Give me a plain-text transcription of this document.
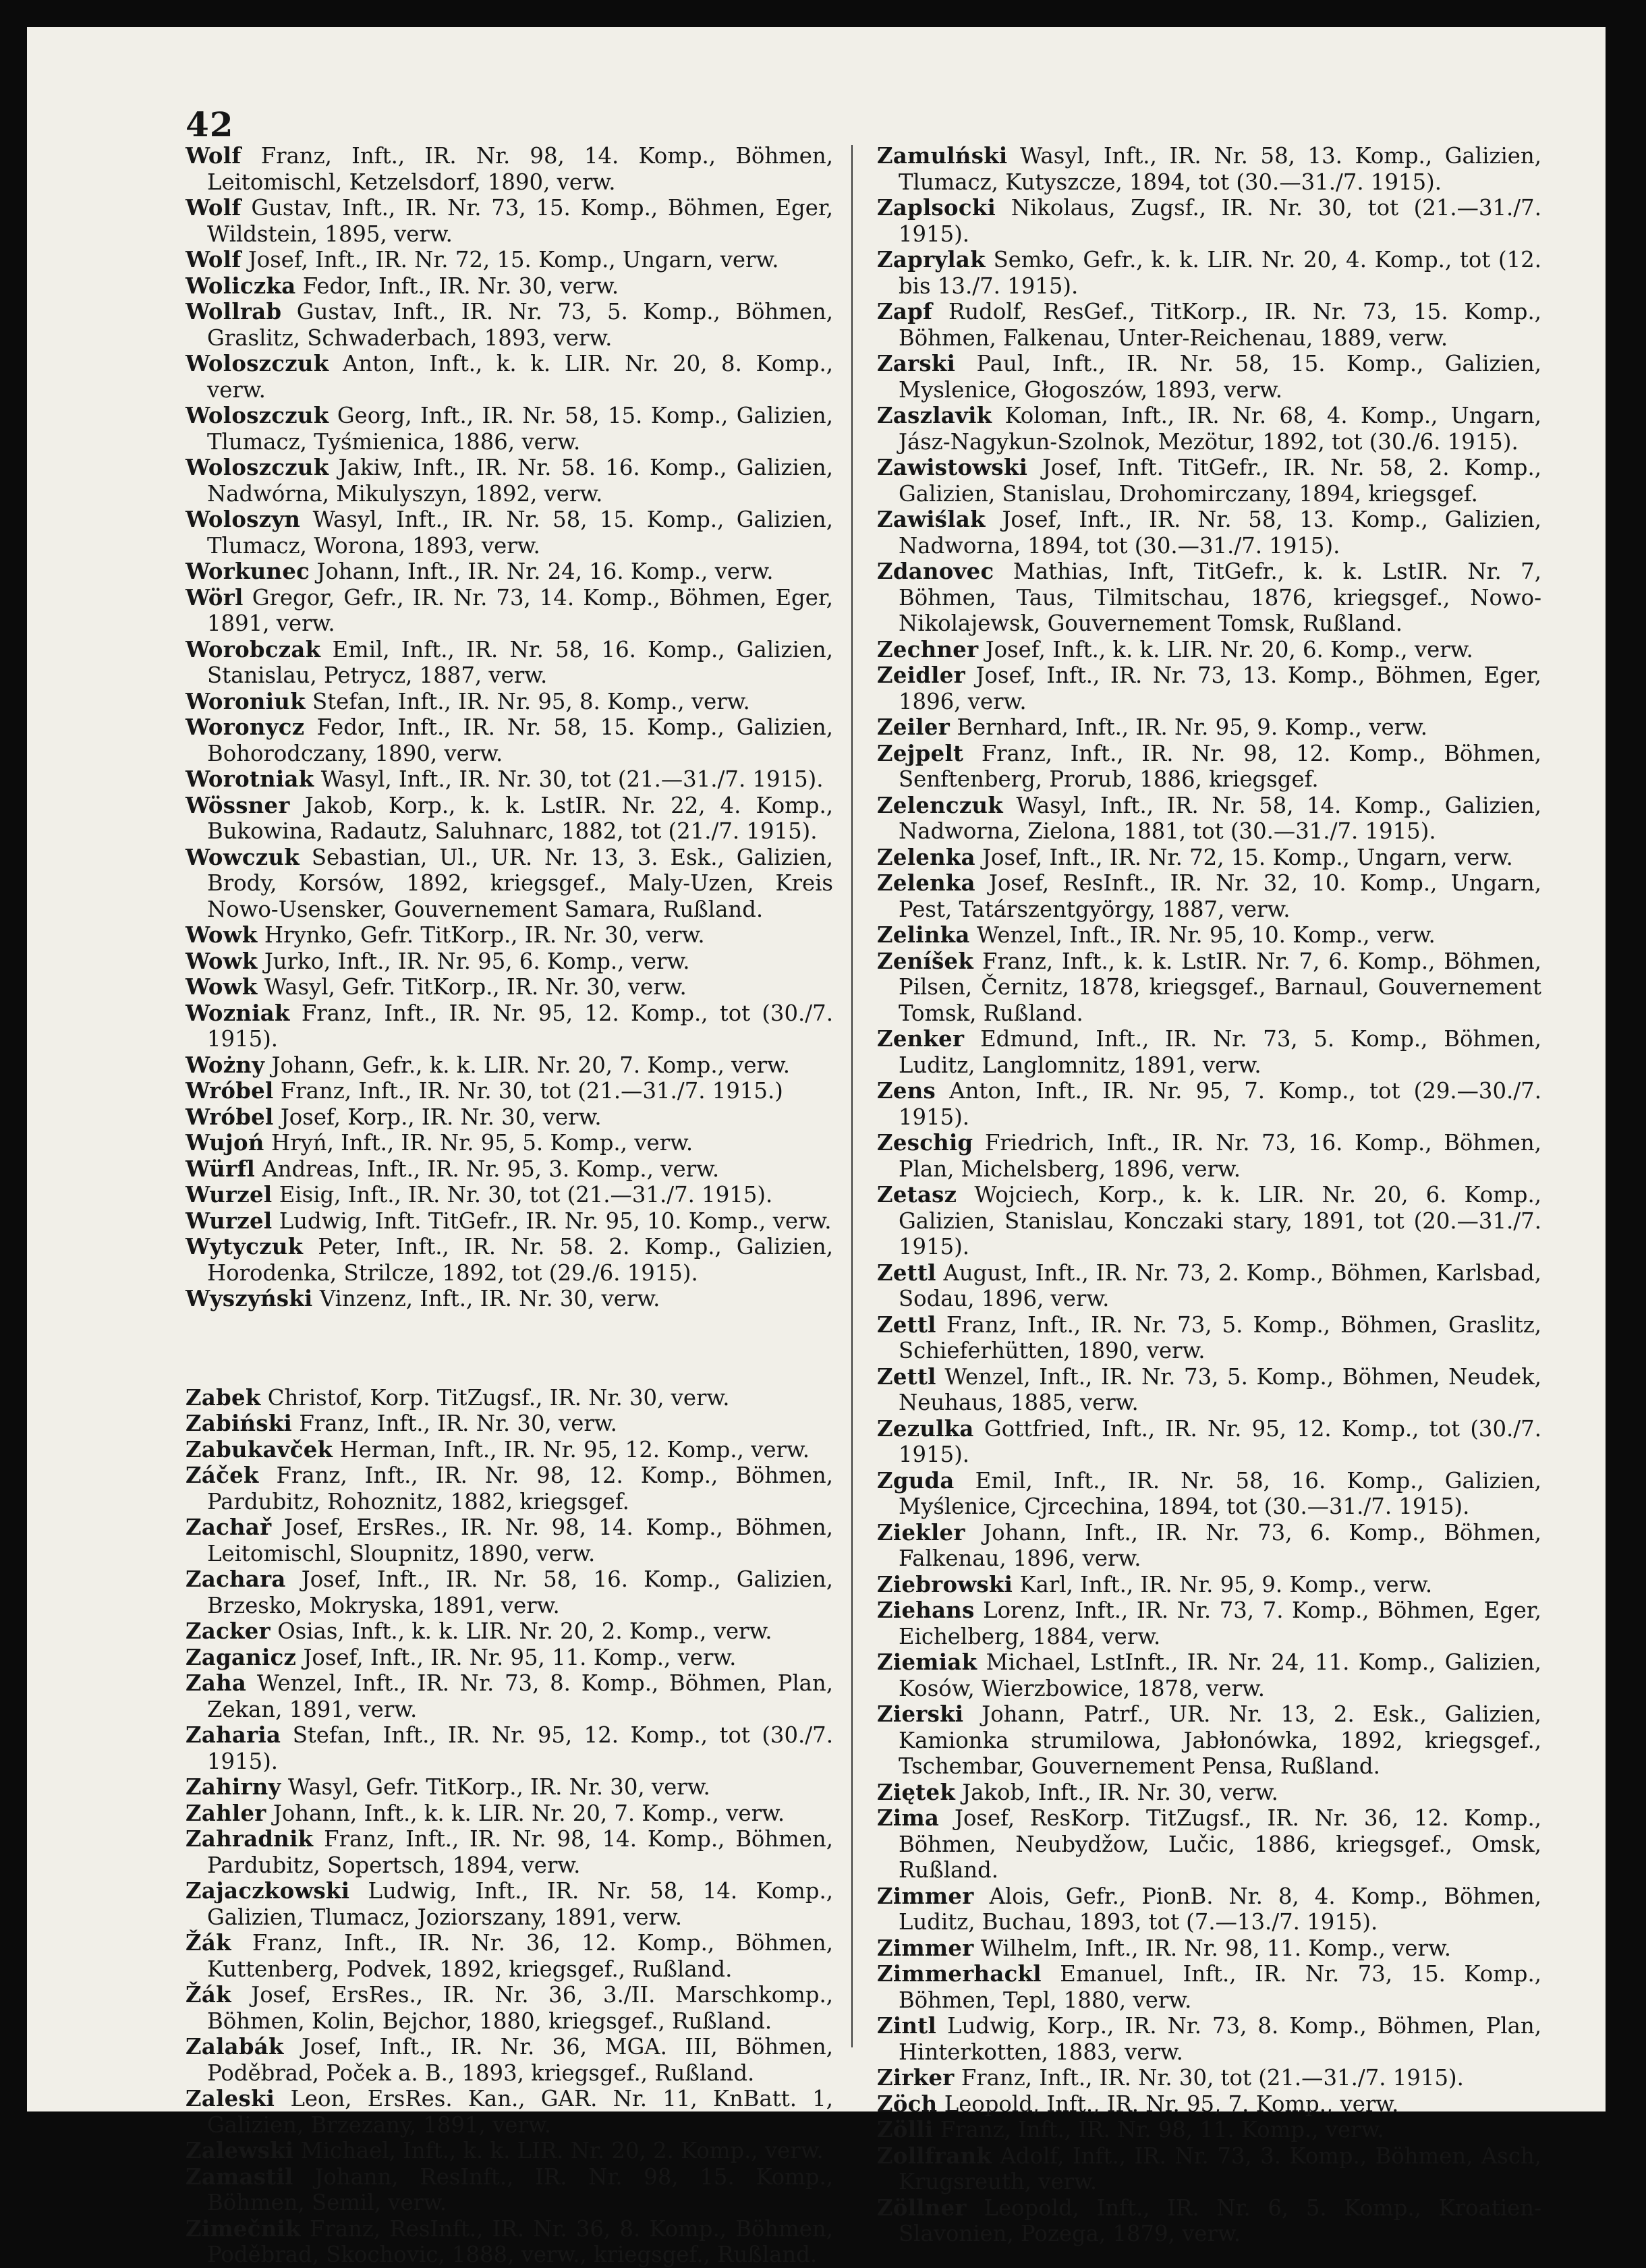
42

Wolf Franz, Inft., IR. Nr. 98, 14. Komp., Böhmen, Leitomischl, Ketzelsdorf, 1890, verw.

Wolf Gustav, Inft., IR. Nr. 73, 15. Komp., Böhmen, Eger, Wildstein, 1895, verw.

Wolf Josef, Inft., IR. Nr. 72, 15. Komp., Ungarn, verw.

Woliczka Fedor, Inft., IR. Nr. 30, verw.

Wollrab Gustav, Inft., IR. Nr. 73, 5. Komp., Böhmen, Graslitz, Schwaderbach, 1893, verw.

Woloszczuk Anton, Inft., k. k. LIR. Nr. 20, 8. Komp., verw.

Woloszczuk Georg, Inft., IR. Nr. 58, 15. Komp., Galizien, Tlumacz, Tyśmienica, 1886, verw.

Woloszczuk Jakiw, Inft., IR. Nr. 58. 16. Komp., Galizien, Nadwórna, Mikulyszyn, 1892, verw.

Woloszyn Wasyl, Inft., IR. Nr. 58, 15. Komp., Galizien, Tlumacz, Worona, 1893, verw.

Workunec Johann, Inft., IR. Nr. 24, 16. Komp., verw.

Wörl Gregor, Gefr., IR. Nr. 73, 14. Komp., Böhmen, Eger, 1891, verw.

Worobczak Emil, Inft., IR. Nr. 58, 16. Komp., Galizien, Stanislau, Petrycz, 1887, verw.

Woroniuk Stefan, Inft., IR. Nr. 95, 8. Komp., verw.

Woronycz Fedor, Inft., IR. Nr. 58, 15. Komp., Galizien, Bohorodczany, 1890, verw.

Worotniak Wasyl, Inft., IR. Nr. 30, tot (21.—31./7. 1915).

Wössner Jakob, Korp., k. k. LstIR. Nr. 22, 4. Komp., Bukowina, Radautz, Saluhnarc, 1882, tot (21./7. 1915).

Wowczuk Sebastian, Ul., UR. Nr. 13, 3. Esk., Galizien, Brody, Korsów, 1892, kriegsgef., Maly-Uzen, Kreis Nowo-Usensker, Gouvernement Samara, Rußland.

Wowk Hrynko, Gefr. TitKorp., IR. Nr. 30, verw.

Wowk Jurko, Inft., IR. Nr. 95, 6. Komp., verw.

Wowk Wasyl, Gefr. TitKorp., IR. Nr. 30, verw.

Wozniak Franz, Inft., IR. Nr. 95, 12. Komp., tot (30./7. 1915).

Wożny Johann, Gefr., k. k. LIR. Nr. 20, 7. Komp., verw.

Wróbel Franz, Inft., IR. Nr. 30, tot (21.—31./7. 1915.)

Wróbel Josef, Korp., IR. Nr. 30, verw.

Wujoń Hryń, Inft., IR. Nr. 95, 5. Komp., verw.

Würfl Andreas, Inft., IR. Nr. 95, 3. Komp., verw.

Wurzel Eisig, Inft., IR. Nr. 30, tot (21.—31./7. 1915).

Wurzel Ludwig, Inft. TitGefr., IR. Nr. 95, 10. Komp., verw.

Wytyczuk Peter, Inft., IR. Nr. 58. 2. Komp., Galizien, Horodenka, Strilcze, 1892, tot (29./6. 1915).

Wyszyński Vinzenz, Inft., IR. Nr. 30, verw.

Zabek Christof, Korp. TitZugsf., IR. Nr. 30, verw.

Zabiński Franz, Inft., IR. Nr. 30, verw.

Zabukavček Herman, Inft., IR. Nr. 95, 12. Komp., verw.

Záček Franz, Inft., IR. Nr. 98, 12. Komp., Böhmen, Pardubitz, Rohoznitz, 1882, kriegsgef.

Zachař Josef, ErsRes., IR. Nr. 98, 14. Komp., Böhmen, Leitomischl, Sloupnitz, 1890, verw.

Zachara Josef, Inft., IR. Nr. 58, 16. Komp., Galizien, Brzesko, Mokryska, 1891, verw.

Zacker Osias, Inft., k. k. LIR. Nr. 20, 2. Komp., verw.

Zaganicz Josef, Inft., IR. Nr. 95, 11. Komp., verw.

Zaha Wenzel, Inft., IR. Nr. 73, 8. Komp., Böhmen, Plan, Zekan, 1891, verw.

Zaharia Stefan, Inft., IR. Nr. 95, 12. Komp., tot (30./7. 1915).

Zahirny Wasyl, Gefr. TitKorp., IR. Nr. 30, verw.

Zahler Johann, Inft., k. k. LIR. Nr. 20, 7. Komp., verw.

Zahradnik Franz, Inft., IR. Nr. 98, 14. Komp., Böhmen, Pardubitz, Sopertsch, 1894, verw.

Zajaczkowski Ludwig, Inft., IR. Nr. 58, 14. Komp., Galizien, Tlumacz, Joziorszany, 1891, verw.

Žák Franz, Inft., IR. Nr. 36, 12. Komp., Böhmen, Kuttenberg, Podvek, 1892, kriegsgef., Rußland.

Žák Josef, ErsRes., IR. Nr. 36, 3./II. Marschkomp., Böhmen, Kolin, Bejchor, 1880, kriegsgef., Rußland.

Zalabák Josef, Inft., IR. Nr. 36, MGA. III, Böhmen, Poděbrad, Poček a. B., 1893, kriegsgef., Rußland.

Zaleski Leon, ErsRes. Kan., GAR. Nr. 11, KnBatt. 1, Galizien, Brzezany, 1891, verw.

Zalewski Michael, Inft., k. k. LIR. Nr. 20, 2. Komp., verw.

Zamastil Johann, ResInft., IR. Nr. 98, 15. Komp., Böhmen, Semil, verw.

Zimečnik Franz, ResInft., IR. Nr. 36, 8. Komp., Böhmen, Poděbrad, Skochovic, 1888, verw., kriegsgef., Rußland.

Zamulński Wasyl, Inft., IR. Nr. 58, 13. Komp., Galizien, Tlumacz, Kutyszcze, 1894, tot (30.—31./7. 1915).

Zaplsocki Nikolaus, Zugsf., IR. Nr. 30, tot (21.—31./7. 1915).

Zaprylak Semko, Gefr., k. k. LIR. Nr. 20, 4. Komp., tot (12. bis 13./7. 1915).

Zapf Rudolf, ResGef., TitKorp., IR. Nr. 73, 15. Komp., Böhmen, Falkenau, Unter-Reichenau, 1889, verw.

Zarski Paul, Inft., IR. Nr. 58, 15. Komp., Galizien, Myslenice, Głogoszów, 1893, verw.

Zaszlavik Koloman, Inft., IR. Nr. 68, 4. Komp., Ungarn, Jász-Nagykun-Szolnok, Mezötur, 1892, tot (30./6. 1915).

Zawistowski Josef, Inft. TitGefr., IR. Nr. 58, 2. Komp., Galizien, Stanislau, Drohomirczany, 1894, kriegsgef.

Zawiślak Josef, Inft., IR. Nr. 58, 13. Komp., Galizien, Nadworna, 1894, tot (30.—31./7. 1915).

Zdanovec Mathias, Inft, TitGefr., k. k. LstIR. Nr. 7, Böhmen, Taus, Tilmitschau, 1876, kriegsgef., Nowo-Nikolajewsk, Gouvernement Tomsk, Rußland.

Zechner Josef, Inft., k. k. LIR. Nr. 20, 6. Komp., verw.

Zeidler Josef, Inft., IR. Nr. 73, 13. Komp., Böhmen, Eger, 1896, verw.

Zeiler Bernhard, Inft., IR. Nr. 95, 9. Komp., verw.

Zejpelt Franz, Inft., IR. Nr. 98, 12. Komp., Böhmen, Senftenberg, Prorub, 1886, kriegsgef.

Zelenczuk Wasyl, Inft., IR. Nr. 58, 14. Komp., Galizien, Nadworna, Zielona, 1881, tot (30.—31./7. 1915).

Zelenka Josef, Inft., IR. Nr. 72, 15. Komp., Ungarn, verw.

Zelenka Josef, ResInft., IR. Nr. 32, 10. Komp., Ungarn, Pest, Tatárszentgyörgy, 1887, verw.

Zelinka Wenzel, Inft., IR. Nr. 95, 10. Komp., verw.

Zeníšek Franz, Inft., k. k. LstIR. Nr. 7, 6. Komp., Böhmen, Pilsen, Černitz, 1878, kriegsgef., Barnaul, Gouvernement Tomsk, Rußland.

Zenker Edmund, Inft., IR. Nr. 73, 5. Komp., Böhmen, Luditz, Langlomnitz, 1891, verw.

Zens Anton, Inft., IR. Nr. 95, 7. Komp., tot (29.—30./7. 1915).

Zeschig Friedrich, Inft., IR. Nr. 73, 16. Komp., Böhmen, Plan, Michelsberg, 1896, verw.

Zetasz Wojciech, Korp., k. k. LIR. Nr. 20, 6. Komp., Galizien, Stanislau, Konczaki stary, 1891, tot (20.—31./7. 1915).

Zettl August, Inft., IR. Nr. 73, 2. Komp., Böhmen, Karlsbad, Sodau, 1896, verw.

Zettl Franz, Inft., IR. Nr. 73, 5. Komp., Böhmen, Graslitz, Schieferhütten, 1890, verw.

Zettl Wenzel, Inft., IR. Nr. 73, 5. Komp., Böhmen, Neudek, Neuhaus, 1885, verw.

Zezulka Gottfried, Inft., IR. Nr. 95, 12. Komp., tot (30./7. 1915).

Zguda Emil, Inft., IR. Nr. 58, 16. Komp., Galizien, Myślenice, Cjrcechina, 1894, tot (30.—31./7. 1915).

Ziekler Johann, Inft., IR. Nr. 73, 6. Komp., Böhmen, Falkenau, 1896, verw.

Ziebrowski Karl, Inft., IR. Nr. 95, 9. Komp., verw.

Ziehans Lorenz, Inft., IR. Nr. 73, 7. Komp., Böhmen, Eger, Eichelberg, 1884, verw.

Ziemiak Michael, LstInft., IR. Nr. 24, 11. Komp., Galizien, Kosów, Wierzbowice, 1878, verw.

Zierski Johann, Patrf., UR. Nr. 13, 2. Esk., Galizien, Kamionka strumilowa, Jabłonówka, 1892, kriegsgef., Tschembar, Gouvernement Pensa, Rußland.

Ziętek Jakob, Inft., IR. Nr. 30, verw.

Zima Josef, ResKorp. TitZugsf., IR. Nr. 36, 12. Komp., Böhmen, Neubydžow, Lučic, 1886, kriegsgef., Omsk, Rußland.

Zimmer Alois, Gefr., PionB. Nr. 8, 4. Komp., Böhmen, Luditz, Buchau, 1893, tot (7.—13./7. 1915).

Zimmer Wilhelm, Inft., IR. Nr. 98, 11. Komp., verw.

Zimmerhackl Emanuel, Inft., IR. Nr. 73, 15. Komp., Böhmen, Tepl, 1880, verw.

Zintl Ludwig, Korp., IR. Nr. 73, 8. Komp., Böhmen, Plan, Hinterkotten, 1883, verw.

Zirker Franz, Inft., IR. Nr. 30, tot (21.—31./7. 1915).

Zöch Leopold, Inft., IR. Nr. 95, 7. Komp., verw.

Zölli Franz, Inft., IR. Nr. 98, 11. Komp., verw.

Zollfrank Adolf, Inft., IR. Nr. 73, 3. Komp., Böhmen, Asch, Krugsreuth, verw.

Zöllner Leopold, Inft., IR. Nr. 6, 5. Komp., Kroatien-Slavonien, Pozega, 1879, verw.
